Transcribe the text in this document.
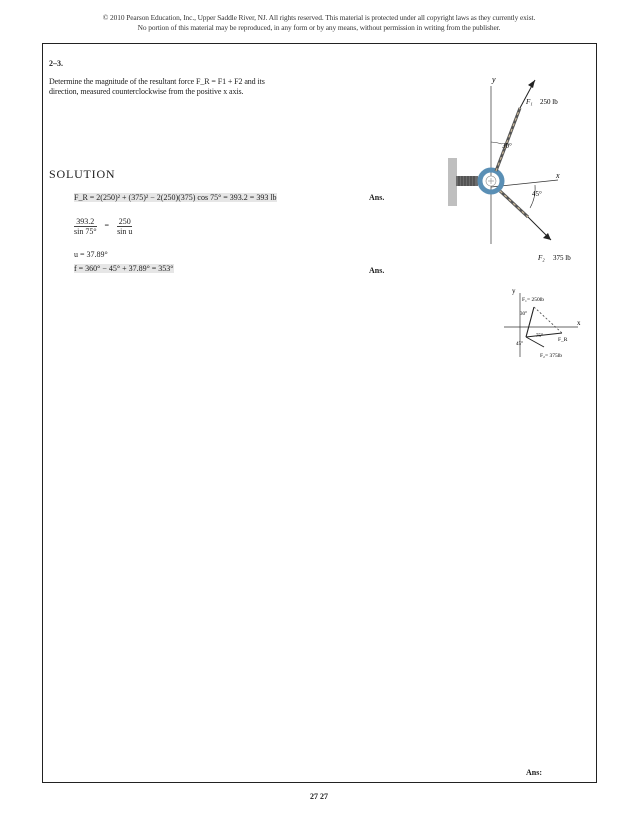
© 2010 Pearson Education, Inc., Upper Saddle River, NJ. All rights reserved. This material is protected under all copyright laws as they currently exist.
No portion of this material may be reproduced, in any form or by any means, without permission in writing from the publisher.
2–3.
Determine the magnitude of the resultant force F_R = F1 + F2 and its direction, measured counterclockwise from the positive x axis.
y
x
F₁ 250 lb
30°
F₂ 375 lb
45°
SOLUTION
F_R = 2(250)² + (375)² − 2(250)(375) cos 75° = 393.2 = 393 lb	Ans.
$\frac{393.2}{\sin 75^\circ} = \frac{250}{\text{sin u}}$
u = 37.89°
f = 360° − 45° + 37.89° = 353°	Ans.
y
x
F₁= 250lb
F_R
30°
45°
75°
F₂= 375lb
Ans:
27 27
